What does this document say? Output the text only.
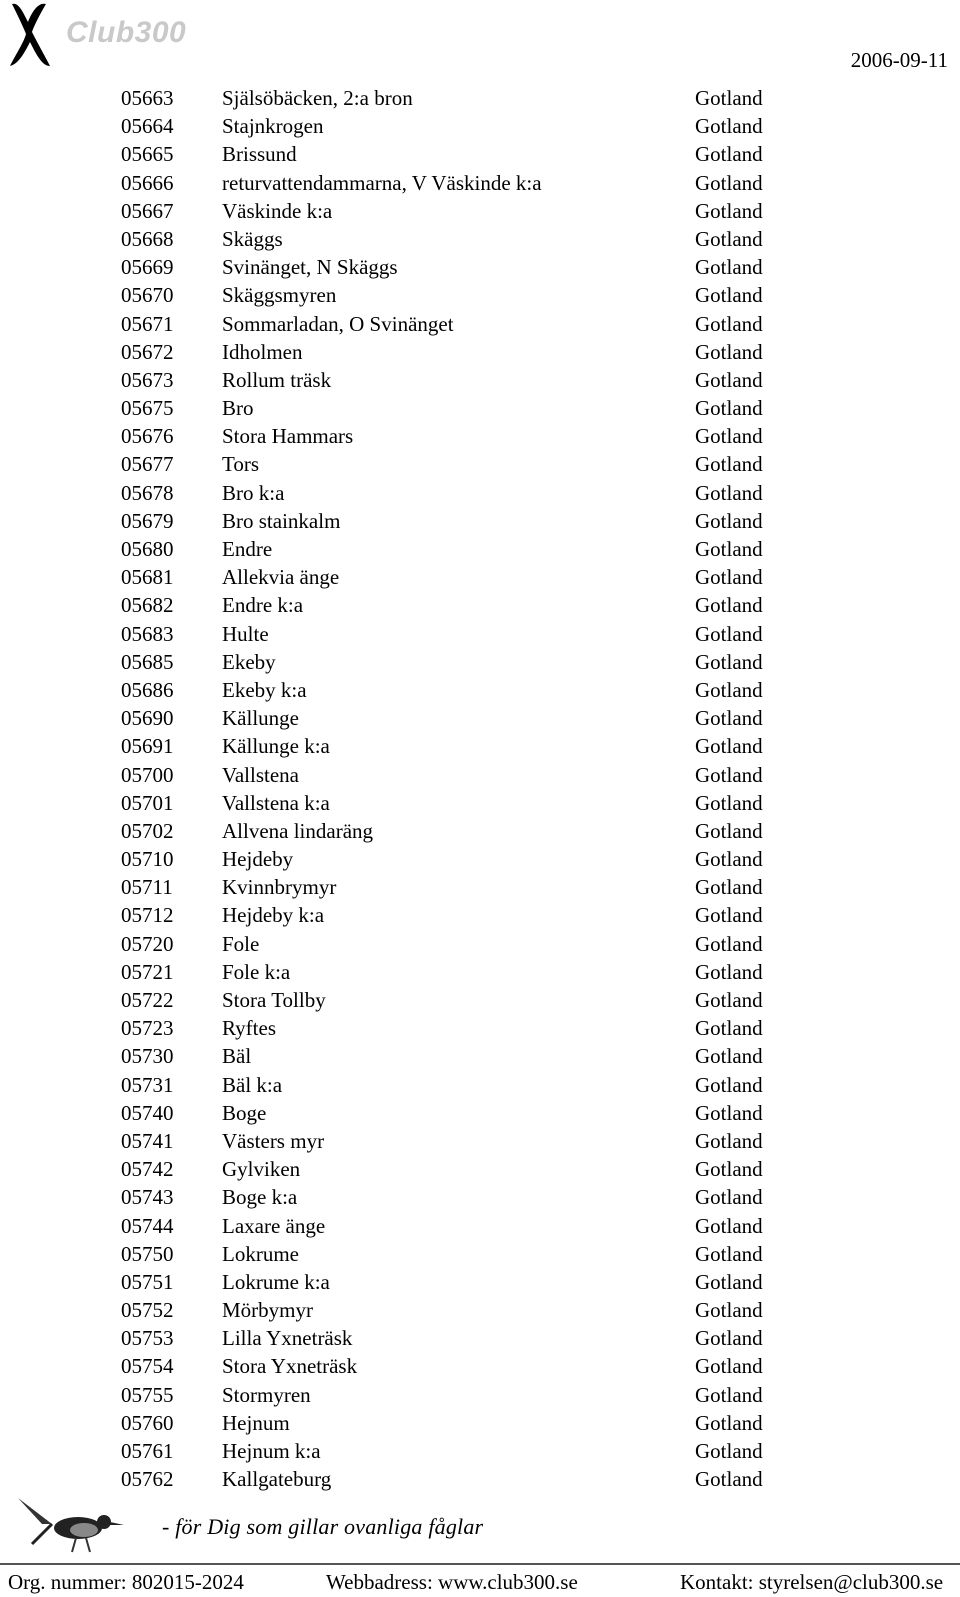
Club300
2006-09-11
05663 Själsöbäcken, 2:a bron	Gotland
05664 Stajnkrogen	Gotland
05665 Brissund	Gotland
05666 returvattendammarna, V Väskinde k:a	Gotland
05667 Väskinde k:a	Gotland
05668 Skäggs	Gotland
05669 Svinänget, N Skäggs	Gotland
05670 Skäggsmyren	Gotland
05671 Sommarladan, O Svinänget	Gotland
05672 Idholmen	Gotland
05673 Rollum träsk	Gotland
05675 Bro	Gotland
05676 Stora Hammars	Gotland
05677 Tors	Gotland
05678 Bro k:a	Gotland
05679 Bro stainkalm	Gotland
05680 Endre	Gotland
05681 Allekvia änge	Gotland
05682 Endre k:a	Gotland
05683 Hulte	Gotland
05685 Ekeby	Gotland
05686 Ekeby k:a	Gotland
05690 Källunge	Gotland
05691 Källunge k:a	Gotland
05700 Vallstena	Gotland
05701 Vallstena k:a	Gotland
05702 Allvena lindaräng	Gotland
05710 Hejdeby	Gotland
05711 Kvinnbrymyr	Gotland
05712 Hejdeby k:a	Gotland
05720 Fole	Gotland
05721 Fole k:a	Gotland
05722 Stora Tollby	Gotland
05723 Ryftes	Gotland
05730 Bäl	Gotland
05731 Bäl k:a	Gotland
05740 Boge	Gotland
05741 Västers myr	Gotland
05742 Gylviken	Gotland
05743 Boge k:a	Gotland
05744 Laxare änge	Gotland
05750 Lokrume	Gotland
05751 Lokrume k:a	Gotland
05752 Mörbymyr	Gotland
05753 Lilla Yxneträsk	Gotland
05754 Stora Yxneträsk	Gotland
05755 Stormyren	Gotland
05760 Hejnum	Gotland
05761 Hejnum k:a	Gotland
05762 Kallgateburg	Gotland
- för Dig som gillar ovanliga fåglar
Org. nummer: 802015-2024	Webbadress: www.club300.se	Kontakt: styrelsen@club300.se
